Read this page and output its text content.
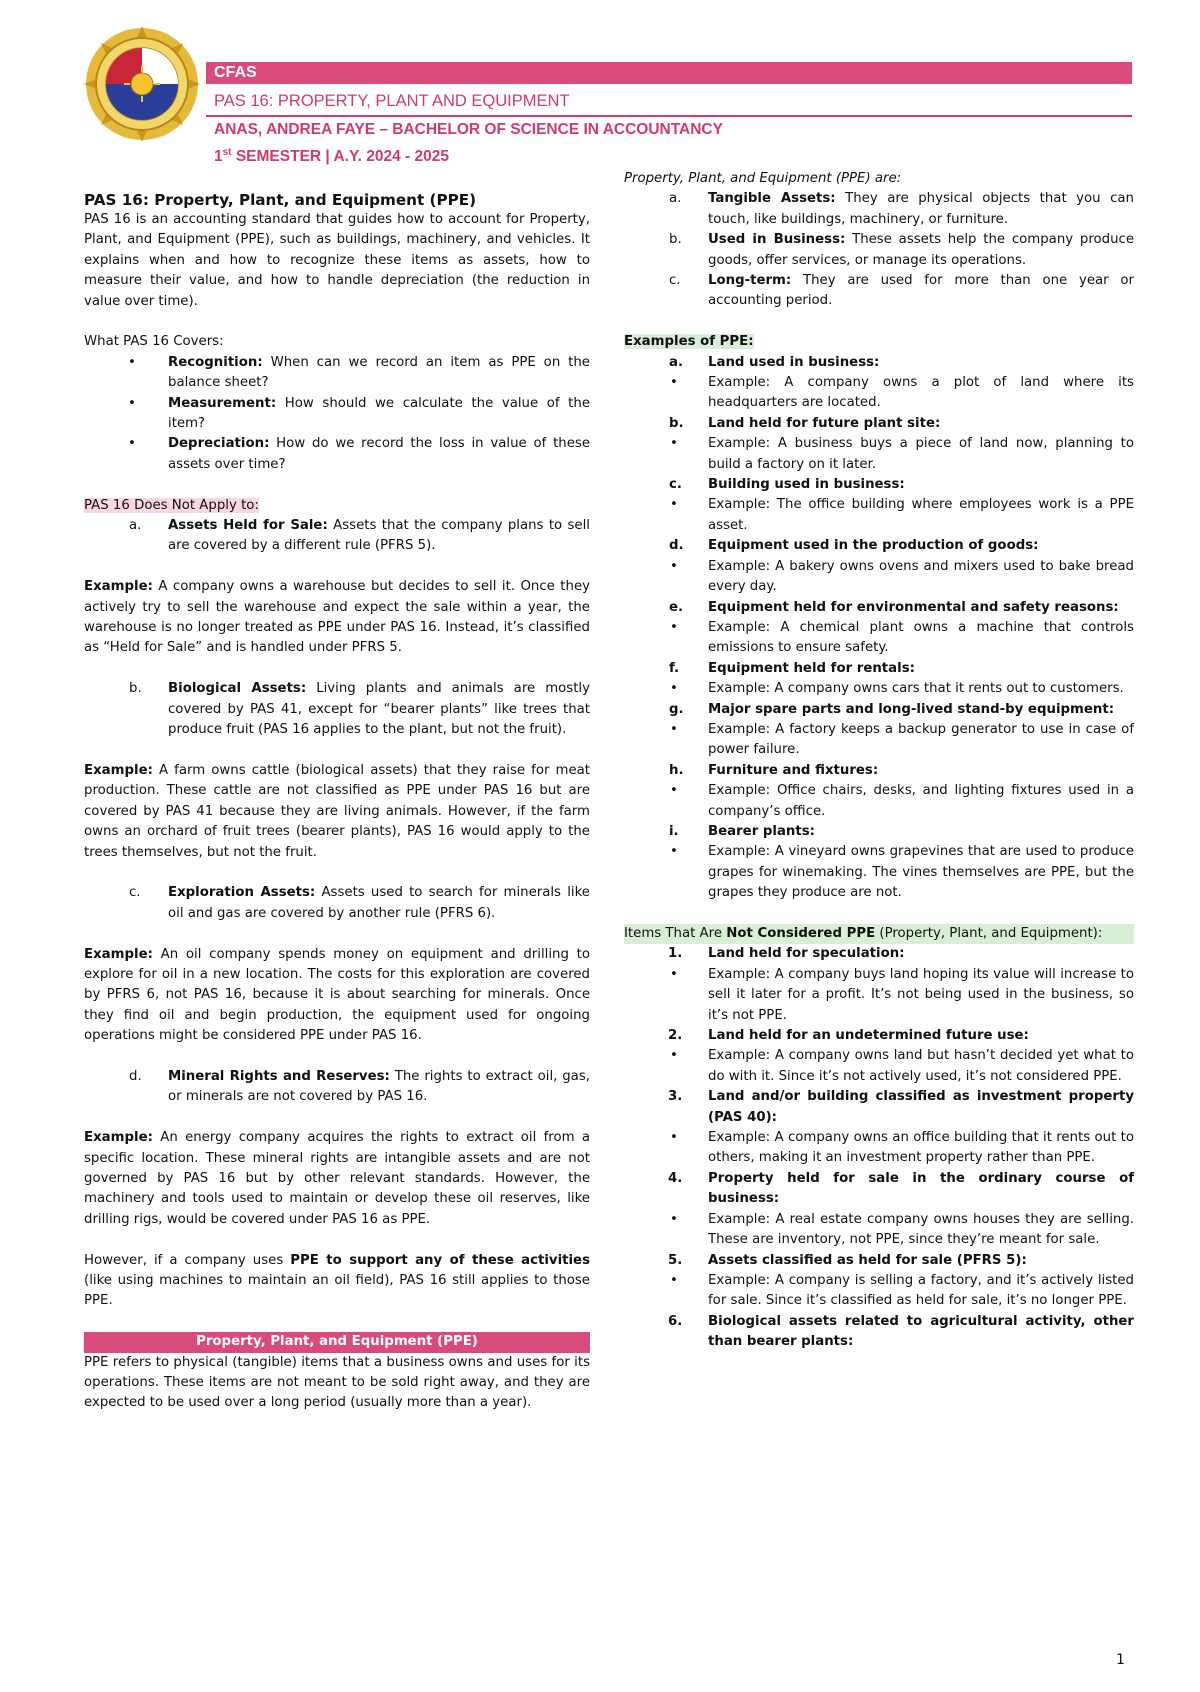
CFAS
PAS 16: PROPERTY, PLANT AND EQUIPMENT
ANAS, ANDREA FAYE – BACHELOR OF SCIENCE IN ACCOUNTANCY
1st SEMESTER | A.Y. 2024 - 2025

PAS 16: Property, Plant, and Equipment (PPE)

PAS 16 is an accounting standard that guides how to account for Property, Plant, and Equipment (PPE), such as buildings, machinery, and vehicles. It explains when and how to recognize these items as assets, how to measure their value, and how to handle depreciation (the reduction in value over time).

What PAS 16 Covers:

• Recognition: When can we record an item as PPE on the balance sheet?
• Measurement: How should we calculate the value of the item?
• Depreciation: How do we record the loss in value of these assets over time?

PAS 16 Does Not Apply to:

a. Assets Held for Sale: Assets that the company plans to sell are covered by a different rule (PFRS 5).

Example: A company owns a warehouse but decides to sell it. Once they actively try to sell the warehouse and expect the sale within a year, the warehouse is no longer treated as PPE under PAS 16. Instead, it’s classified as “Held for Sale” and is handled under PFRS 5.

b. Biological Assets: Living plants and animals are mostly covered by PAS 41, except for “bearer plants” like trees that produce fruit (PAS 16 applies to the plant, but not the fruit).

Example: A farm owns cattle (biological assets) that they raise for meat production. These cattle are not classified as PPE under PAS 16 but are covered by PAS 41 because they are living animals. However, if the farm owns an orchard of fruit trees (bearer plants), PAS 16 would apply to the trees themselves, but not the fruit.

c. Exploration Assets: Assets used to search for minerals like oil and gas are covered by another rule (PFRS 6).

Example: An oil company spends money on equipment and drilling to explore for oil in a new location. The costs for this exploration are covered by PFRS 6, not PAS 16, because it is about searching for minerals. Once they find oil and begin production, the equipment used for ongoing operations might be considered PPE under PAS 16.

d. Mineral Rights and Reserves: The rights to extract oil, gas, or minerals are not covered by PAS 16.

Example: An energy company acquires the rights to extract oil from a specific location. These mineral rights are intangible assets and are not governed by PAS 16 but by other relevant standards. However, the machinery and tools used to maintain or develop these oil reserves, like drilling rigs, would be covered under PAS 16 as PPE.

However, if a company uses PPE to support any of these activities (like using machines to maintain an oil field), PAS 16 still applies to those PPE.

Property, Plant, and Equipment (PPE)

PPE refers to physical (tangible) items that a business owns and uses for its operations. These items are not meant to be sold right away, and they are expected to be used over a long period (usually more than a year).

Property, Plant, and Equipment (PPE) are:

a. Tangible Assets: They are physical objects that you can touch, like buildings, machinery, or furniture.
b. Used in Business: These assets help the company produce goods, offer services, or manage its operations.
c. Long-term: They are used for more than one year or accounting period.

Examples of PPE:

a. Land used in business:
• Example: A company owns a plot of land where its headquarters are located.
b. Land held for future plant site:
• Example: A business buys a piece of land now, planning to build a factory on it later.
c. Building used in business:
• Example: The office building where employees work is a PPE asset.
d. Equipment used in the production of goods:
• Example: A bakery owns ovens and mixers used to bake bread every day.
e. Equipment held for environmental and safety reasons:
• Example: A chemical plant owns a machine that controls emissions to ensure safety.
f. Equipment held for rentals:
• Example: A company owns cars that it rents out to customers.
g. Major spare parts and long-lived stand-by equipment:
• Example: A factory keeps a backup generator to use in case of power failure.
h. Furniture and fixtures:
• Example: Office chairs, desks, and lighting fixtures used in a company’s office.
i. Bearer plants:
• Example: A vineyard owns grapevines that are used to produce grapes for winemaking. The vines themselves are PPE, but the grapes they produce are not.

Items That Are Not Considered PPE (Property, Plant, and Equipment):

1. Land held for speculation:
• Example: A company buys land hoping its value will increase to sell it later for a profit. It’s not being used in the business, so it’s not PPE.
2. Land held for an undetermined future use:
• Example: A company owns land but hasn’t decided yet what to do with it. Since it’s not actively used, it’s not considered PPE.
3. Land and/or building classified as investment property (PAS 40):
• Example: A company owns an office building that it rents out to others, making it an investment property rather than PPE.
4. Property held for sale in the ordinary course of business:
• Example: A real estate company owns houses they are selling. These are inventory, not PPE, since they’re meant for sale.
5. Assets classified as held for sale (PFRS 5):
• Example: A company is selling a factory, and it’s actively listed for sale. Since it’s classified as held for sale, it’s no longer PPE.
6. Biological assets related to agricultural activity, other than bearer plants:
1
